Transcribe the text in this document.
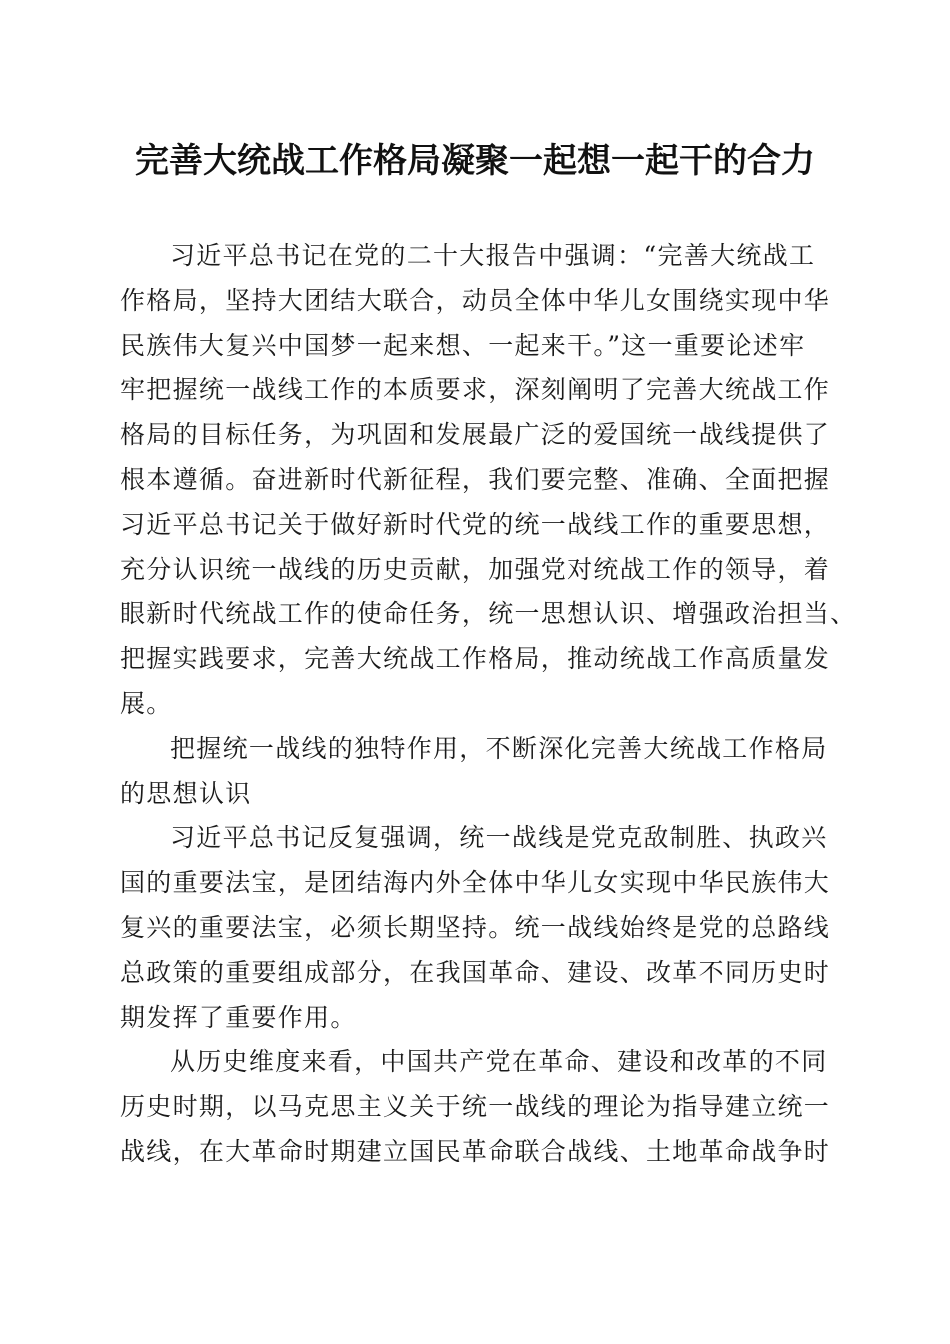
完善大统战工作格局凝聚一起想一起干的合力
习近平总书记在党的二十大报告中强调：“完善大统战工
作格局，坚持大团结大联合，动员全体中华儿女围绕实现中华
民族伟大复兴中国梦一起来想、一起来干。”这一重要论述牢
牢把握统一战线工作的本质要求，深刻阐明了完善大统战工作
格局的目标任务，为巩固和发展最广泛的爱国统一战线提供了
根本遵循。奋进新时代新征程，我们要完整、准确、全面把握
习近平总书记关于做好新时代党的统一战线工作的重要思想，
充分认识统一战线的历史贡献，加强党对统战工作的领导，着
眼新时代统战工作的使命任务，统一思想认识、增强政治担当、
把握实践要求，完善大统战工作格局，推动统战工作高质量发
展。
把握统一战线的独特作用，不断深化完善大统战工作格局
的思想认识
习近平总书记反复强调，统一战线是党克敌制胜、执政兴
国的重要法宝，是团结海内外全体中华儿女实现中华民族伟大
复兴的重要法宝，必须长期坚持。统一战线始终是党的总路线
总政策的重要组成部分，在我国革命、建设、改革不同历史时
期发挥了重要作用。
从历史维度来看，中国共产党在革命、建设和改革的不同
历史时期，以马克思主义关于统一战线的理论为指导建立统一
战线，在大革命时期建立国民革命联合战线、土地革命战争时
